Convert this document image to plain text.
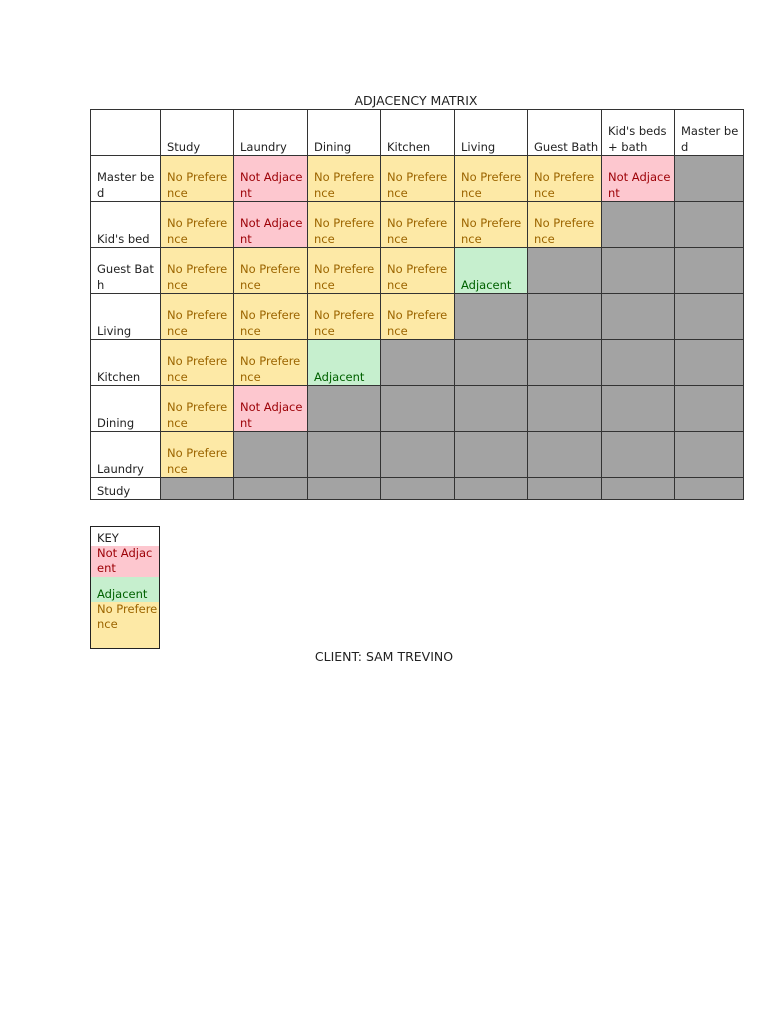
ADJACENCY MATRIX
	Study	Laundry	Dining	Kitchen	Living	Guest Bath	Kid's beds + bath	Master bed
Master bed	No Preference	Not Adjacent	No Preference	No Preference	No Preference	No Preference	Not Adjacent	
Kid's bed	No Preference	Not Adjacent	No Preference	No Preference	No Preference	No Preference		
Guest Bath	No Preference	No Preference	No Preference	No Preference	Adjacent			
Living	No Preference	No Preference	No Preference	No Preference				
Kitchen	No Preference	No Preference	Adjacent					
Dining	No Preference	Not Adjacent						
Laundry	No Preference							
Study								
KEY
Not Adjacent
Adjacent
No Preference
CLIENT: SAM TREVINO
